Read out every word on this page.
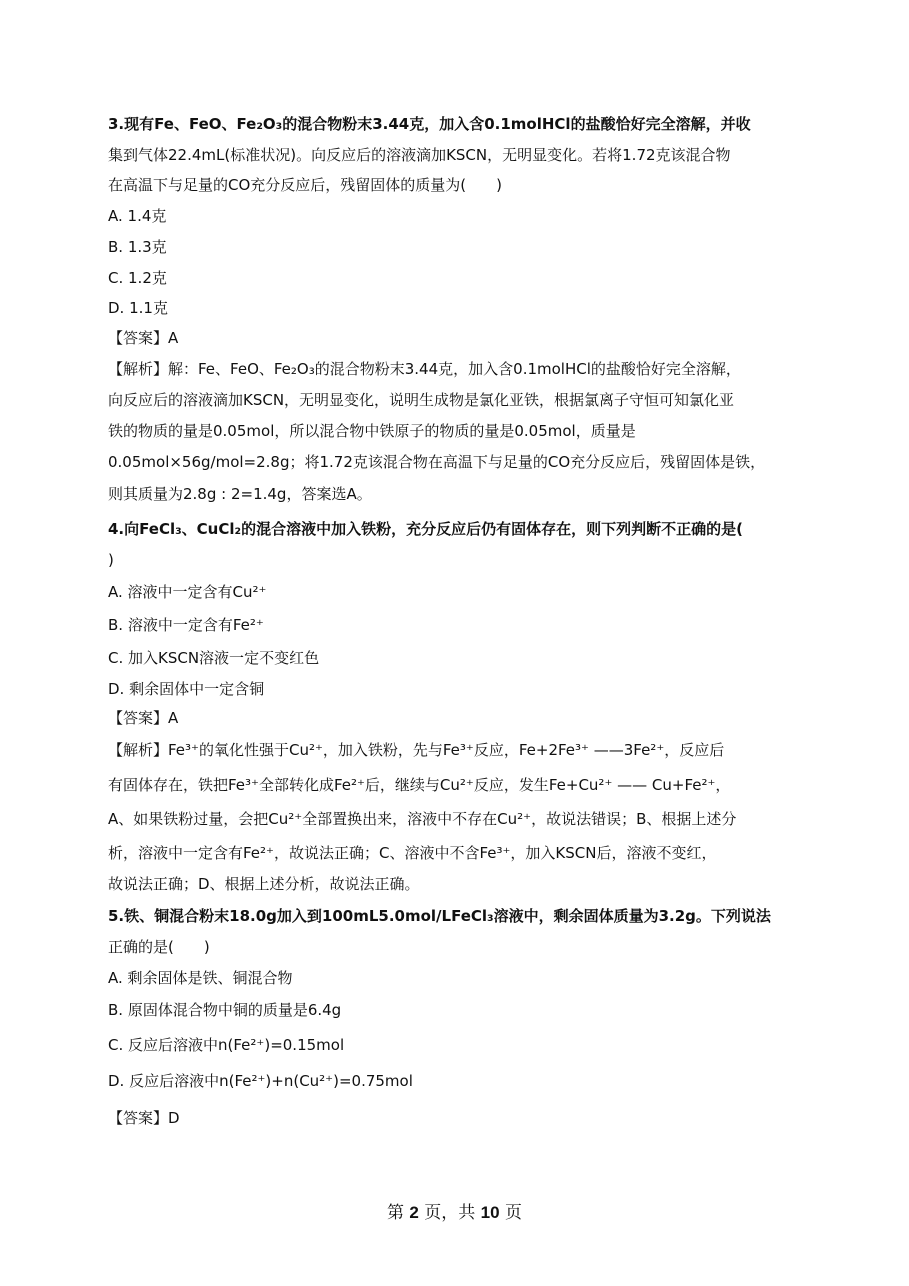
3.现有Fe、FeO、Fe₂O₃的混合物粉末3.44克，加入含0.1molHCl的盐酸恰好完全溶解，并收
集到气体22.4mL(标准状况)。向反应后的溶液滴加KSCN，无明显变化。若将1.72克该混合物
在高温下与足量的CO充分反应后，残留固体的质量为(　　)
A. 1.4克
B. 1.3克
C. 1.2克
D. 1.1克
【答案】A
【解析】解：Fe、FeO、Fe₂O₃的混合物粉末3.44克，加入含0.1molHCl的盐酸恰好完全溶解，
向反应后的溶液滴加KSCN，无明显变化，说明生成物是氯化亚铁，根据氯离子守恒可知氯化亚
铁的物质的量是0.05mol，所以混合物中铁原子的物质的量是0.05mol，质量是
0.05mol×56g/mol=2.8g；将1.72克该混合物在高温下与足量的CO充分反应后，残留固体是铁，
则其质量为2.8g : 2=1.4g，答案选A。
4.向FeCl₃、CuCl₂的混合溶液中加入铁粉，充分反应后仍有固体存在，则下列判断不正确的是(
)
A. 溶液中一定含有Cu²⁺
B. 溶液中一定含有Fe²⁺
C. 加入KSCN溶液一定不变红色
D. 剩余固体中一定含铜
【答案】A
【解析】Fe³⁺的氧化性强于Cu²⁺，加入铁粉，先与Fe³⁺反应，Fe+2Fe³⁺ ——3Fe²⁺，反应后
有固体存在，铁把Fe³⁺全部转化成Fe²⁺后，继续与Cu²⁺反应，发生Fe+Cu²⁺ —— Cu+Fe²⁺，
A、如果铁粉过量，会把Cu²⁺全部置换出来，溶液中不存在Cu²⁺，故说法错误；B、根据上述分
析，溶液中一定含有Fe²⁺，故说法正确；C、溶液中不含Fe³⁺，加入KSCN后，溶液不变红，
故说法正确；D、根据上述分析，故说法正确。
5.铁、铜混合粉末18.0g加入到100mL5.0mol/LFeCl₃溶液中，剩余固体质量为3.2g。下列说法
正确的是(　　)
A. 剩余固体是铁、铜混合物
B. 原固体混合物中铜的质量是6.4g
C. 反应后溶液中n(Fe²⁺)=0.15mol
D. 反应后溶液中n(Fe²⁺)+n(Cu²⁺)=0.75mol
【答案】D
第 2 页，共 10 页
